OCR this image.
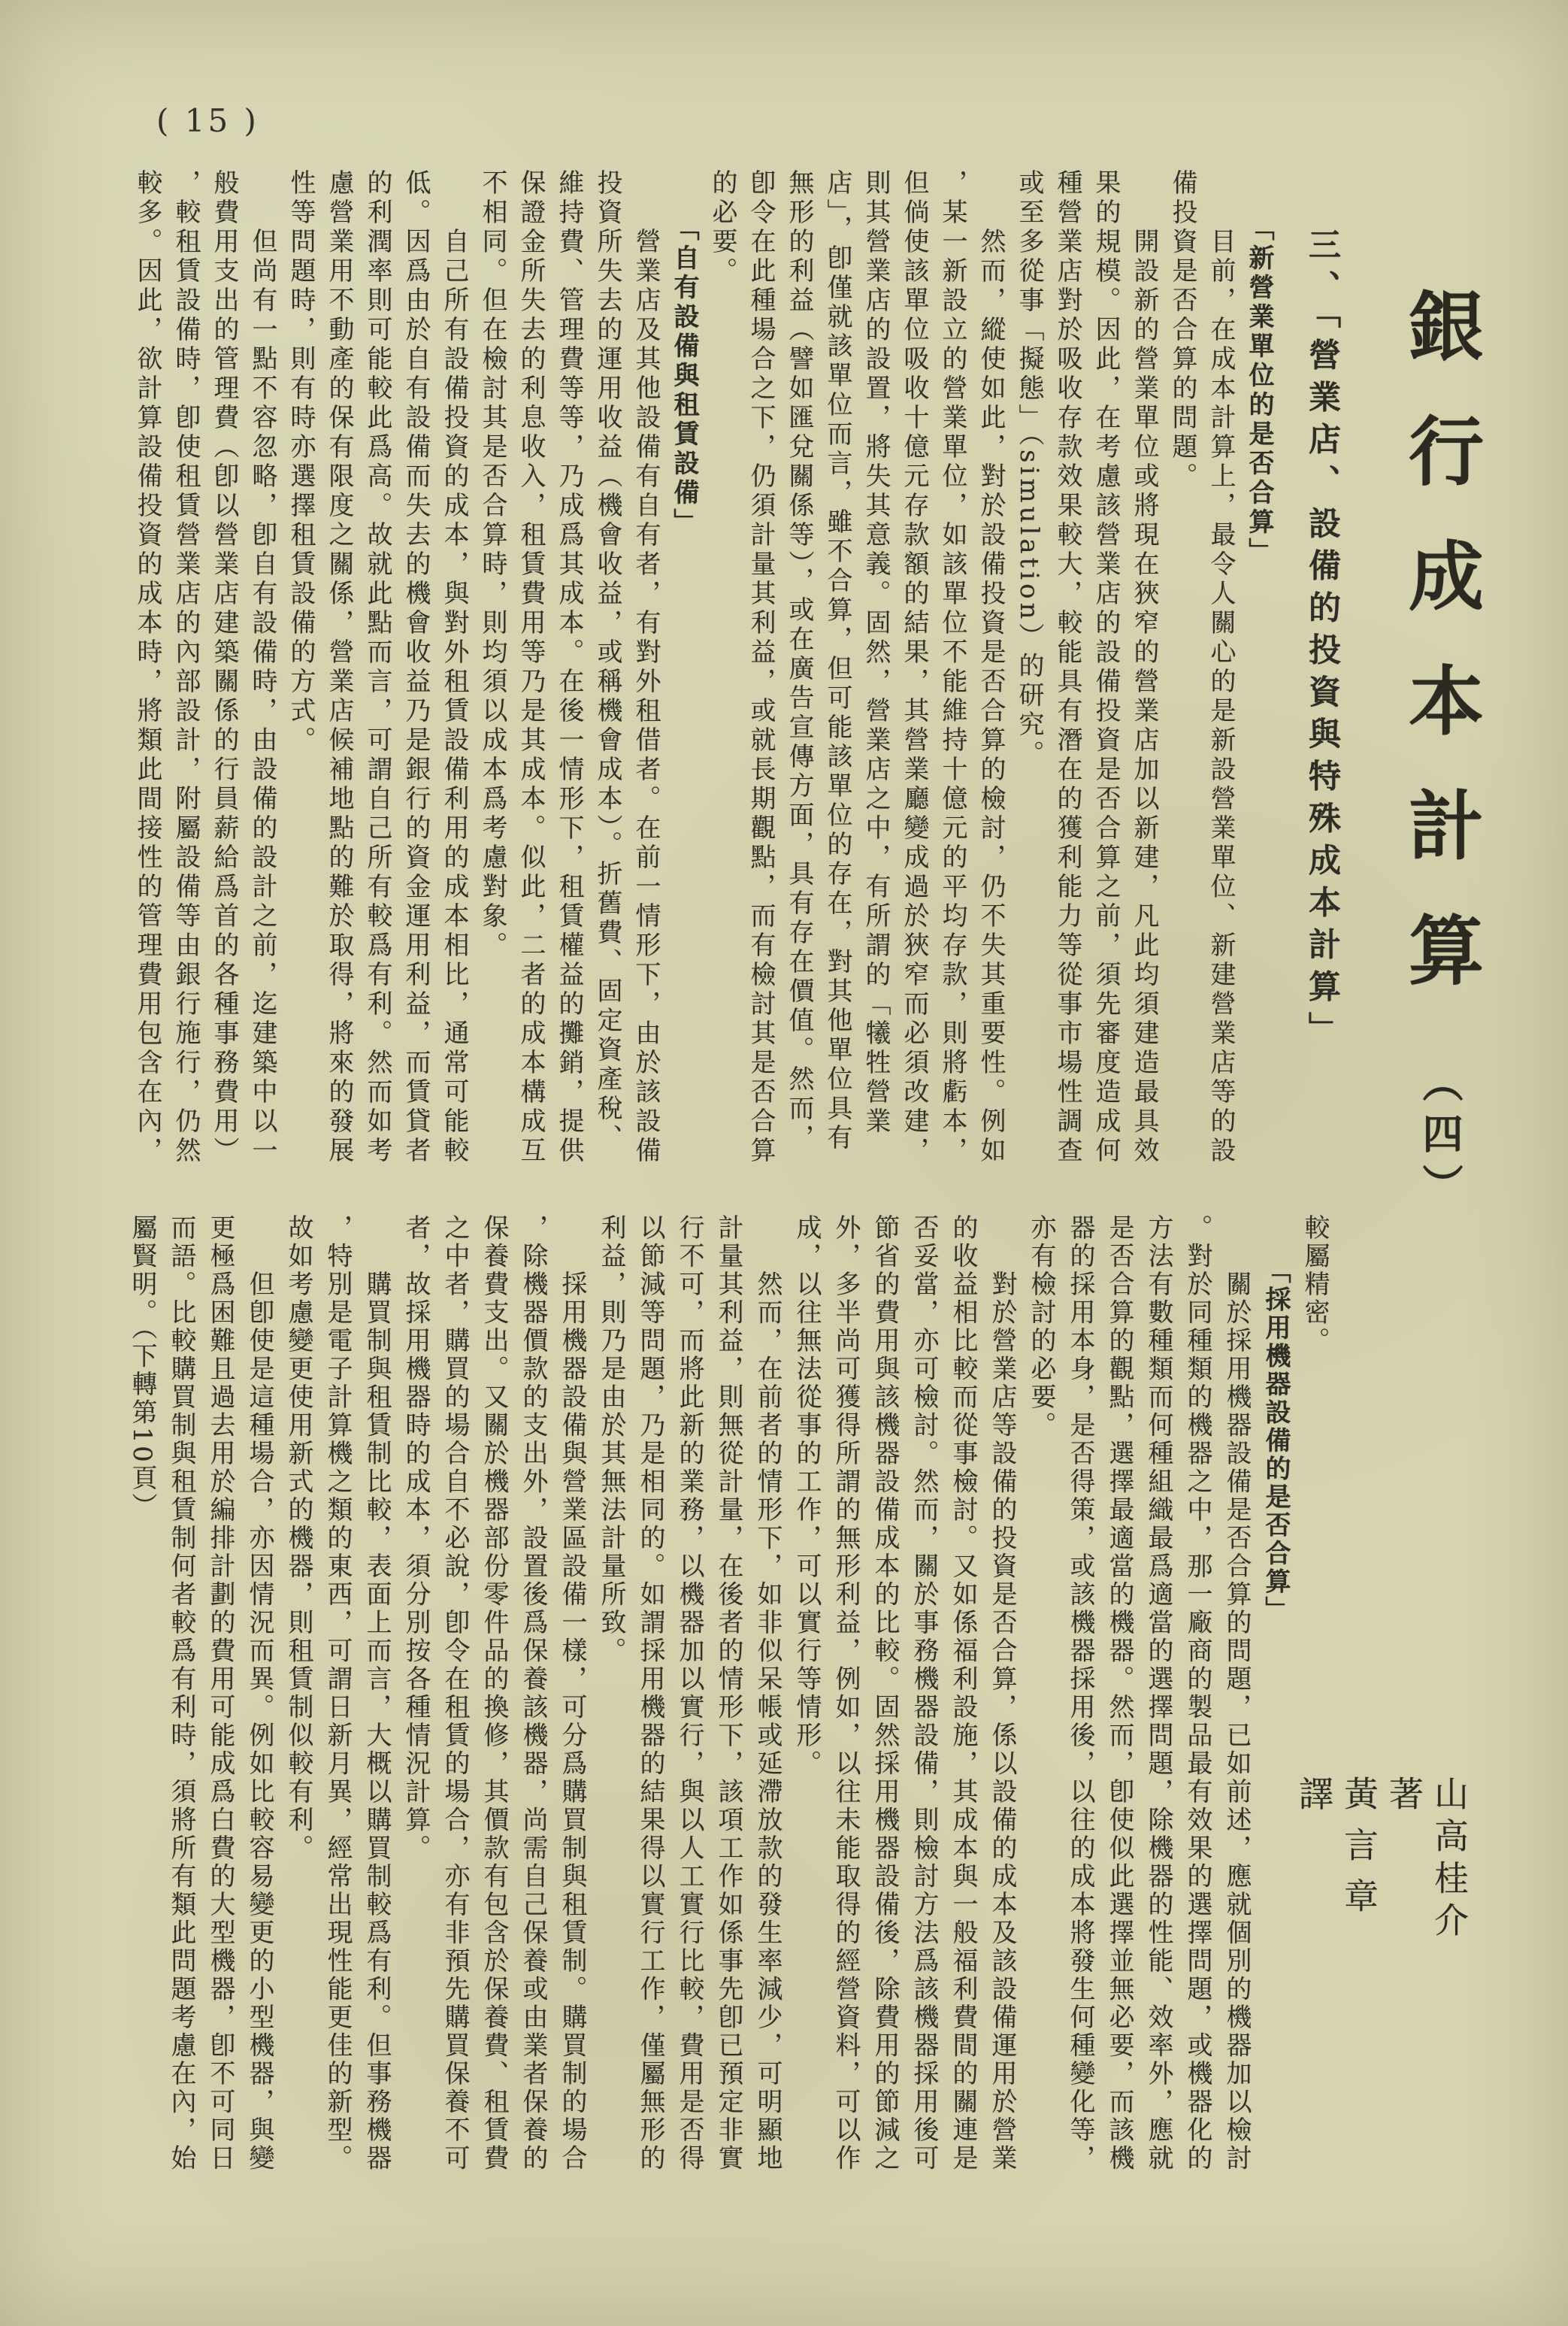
( 15 )
銀行成本計算（四）
三、「營業店、設備的投資與特殊成本計算」
　　「新營業單位的是否合算」
　　目前，在成本計算上，最令人關心的是新設營業單位、新建營業店等的設
備投資是否合算的問題。
　　開設新的營業單位或將現在狹窄的營業店加以新建，凡此均須建造最具效
果的規模。因此，在考慮該營業店的設備投資是否合算之前，須先審度造成何
種營業店對於吸收存款效果較大，較能具有潛在的獲利能力等從事市場性調查
或至多從事「擬態」（simulation）的研究。
　　然而，縱使如此，對於設備投資是否合算的檢討，仍不失其重要性。例如
，某一新設立的營業單位，如該單位不能維持十億元的平均存款，則將虧本，
但倘使該單位吸收十億元存款額的結果，其營業廳變成過於狹窄而必須改建，
則其營業店的設置，將失其意義。固然，營業店之中，有所謂的「犧牲營業
店」，卽僅就該單位而言，雖不合算，但可能該單位的存在，對其他單位具有
無形的利益（譬如匯兌關係等），或在廣告宣傳方面，具有存在價值。然而，
卽令在此種場合之下，仍須計量其利益，或就長期觀點，而有檢討其是否合算
的必要。
　　「自有設備與租賃設備」
　　營業店及其他設備有自有者，有對外租借者。在前一情形下，由於該設備
投資所失去的運用收益（機會收益，或稱機會成本）。折舊費、固定資產稅、
維持費、管理費等等，乃成爲其成本。在後一情形下，租賃權益的攤銷，提供
保證金所失去的利息收入，租賃費用等乃是其成本。似此，二者的成本構成互
不相同。但在檢討其是否合算時，則均須以成本爲考慮對象。
　　自己所有設備投資的成本，與對外租賃設備利用的成本相比，通常可能較
低。因爲由於自有設備而失去的機會收益乃是銀行的資金運用利益，而賃貸者
的利潤率則可能較此爲高。故就此點而言，可謂自己所有較爲有利。然而如考
慮營業用不動產的保有限度之關係，營業店候補地點的難於取得，將來的發展
性等問題時，則有時亦選擇租賃設備的方式。
　　但尚有一點不容忽略，卽自有設備時，由設備的設計之前，迄建築中以一
般費用支出的管理費（卽以營業店建築關係的行員薪給爲首的各種事務費用）
，較租賃設備時，卽使租賃營業店的內部設計，附屬設備等由銀行施行，仍然
較多。因此，欲計算設備投資的成本時，將類此間接性的管理費用包含在內，
較屬精密。
　　「採用機器設備的是否合算」
　　關於採用機器設備是否合算的問題，已如前述，應就個別的機器加以檢討
。對於同種類的機器之中，那一廠商的製品最有效果的選擇問題，或機器化的
方法有數種類而何種組織最爲適當的選擇問題，除機器的性能、效率外，應就
是否合算的觀點，選擇最適當的機器。然而，卽使似此選擇並無必要，而該機
器的採用本身，是否得策，或該機器採用後，以往的成本將發生何種變化等，
亦有檢討的必要。
　　對於營業店等設備的投資是否合算，係以設備的成本及該設備運用於營業
的收益相比較而從事檢討。又如係福利設施，其成本與一般福利費間的關連是
否妥當，亦可檢討。然而，關於事務機器設備，則檢討方法爲該機器採用後可
節省的費用與該機器設備成本的比較。固然採用機器設備後，除費用的節減之
外，多半尚可獲得所謂的無形利益，例如，以往未能取得的經營資料，可以作
成，以往無法從事的工作，可以實行等情形。
　　然而，在前者的情形下，如非似呆帳或延滯放款的發生率減少，可明顯地
計量其利益，則無從計量，在後者的情形下，該項工作如係事先卽已預定非實
行不可，而將此新的業務，以機器加以實行，與以人工實行比較，費用是否得
以節減等問題，乃是相同的。如謂採用機器的結果得以實行工作，僅屬無形的
利益，則乃是由於其無法計量所致。
　　採用機器設備與營業區設備一樣，可分爲購買制與租賃制。購買制的場合
，除機器價款的支出外，設置後爲保養該機器，尚需自己保養或由業者保養的
保養費支出。又關於機器部份零件品的換修，其價款有包含於保養費、租賃費
之中者，購買的場合自不必說，卽令在租賃的場合，亦有非預先購買保養不可
者，故採用機器時的成本，須分別按各種情況計算。
　　購買制與租賃制比較，表面上而言，大概以購買制較爲有利。但事務機器
，特別是電子計算機之類的東西，可謂日新月異，經常出現性能更佳的新型。
故如考慮變更使用新式的機器，則租賃制似較有利。
　　但卽使是這種場合，亦因情況而異。例如比較容易變更的小型機器，與變
更極爲困難且過去用於編排計劃的費用可能成爲白費的大型機器，卽不可同日
而語。比較購買制與租賃制何者較爲有利時，須將所有類此問題考慮在內，始
屬賢明。（下轉第10頁）
山高桂介著
黃言章譯
